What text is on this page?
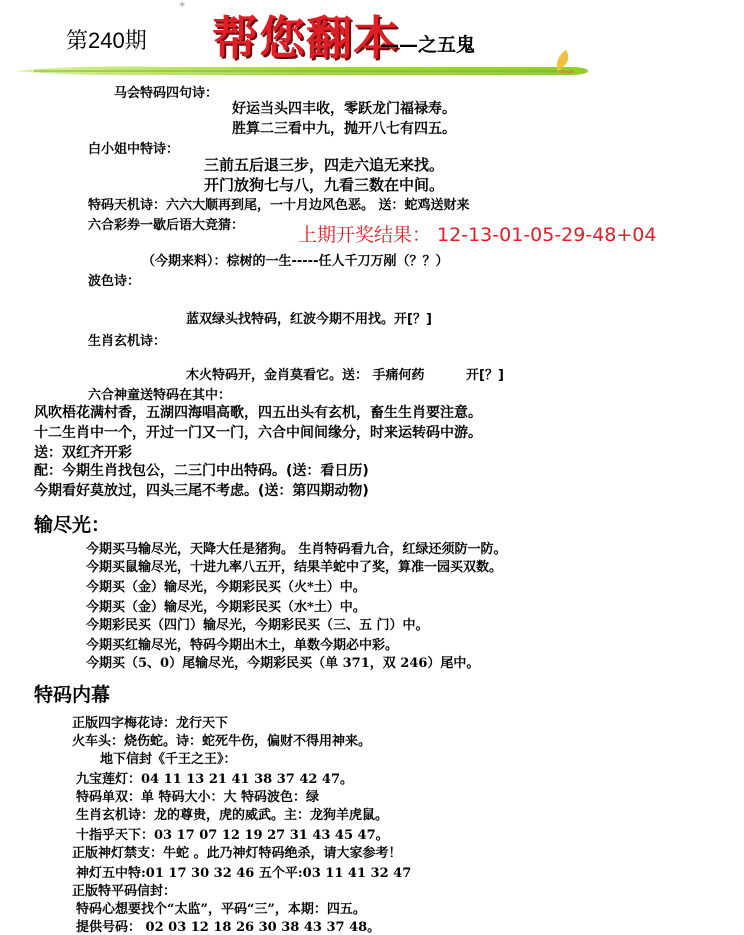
✶
第240期 帮您翻本
——之五鬼
马会特码四句诗：
好运当头四丰收，零跃龙门福禄寿。
胜算二三看中九，抛开八七有四五。
白小姐中特诗：
三前五后退三步，四走六追无来找。
开门放狗七与八，九看三数在中间。
特码天机诗：六六大顺再到尾，一十月边风色恶。 送：蛇鸡送财来
六合彩券一歇后语大竞猜：	上期开奖结果： 12-13-01-05-29-48+04
（今期来料）：棕树的一生-----任人千刀万剐（？？）
波色诗：
蓝双绿头找特码，红波今期不用找。开[？]
生肖玄机诗：
木火特码开，金肖莫看它。送： 手痛何药	开[？]
六合神童送特码在其中：
风吹梧花满村香，五湖四海唱高歌，四五出头有玄机，畜生生肖要注意。
十二生肖中一个，开过一门又一门，六合中间间缘分，时来运转码中游。
送：双红齐开彩
配：今期生肖找包公，二三门中出特码。(送：看日历)
今期看好莫放过，四头三尾不考虑。(送：第四期动物)
输尽光：
今期买马输尽光，天降大任是猪狗。 生肖特码看九合，红绿还须防一防。
今期买鼠输尽光，十进九率八五开，结果羊蛇中了奖，算准一园买双数。
今期买（金）输尽光，今期彩民买（火*土）中。
今期买（金）输尽光，今期彩民买（水*土）中。
今期彩民买（四门）输尽光，今期彩民买（三、五 门）中。
今期买红输尽光，特码今期出木土，单数今期必中彩。
今期买（5、0）尾输尽光，今期彩民买（单 371，双 246）尾中。
特码内幕
正版四字梅花诗：龙行天下
火车头：烧伤蛇。诗：蛇死牛伤，偏财不得用神来。
地下信封《千王之王》：
九宝莲灯：04 11 13 21 41 38 37 42 47。
特码单双：单 特码大小：大 特码波色：绿
生肖玄机诗：龙的尊贵，虎的威武。主：龙狗羊虎鼠。
十指乎天下：03 17 07 12 19 27 31 43 45 47。
正版神灯禁支：牛蛇 。此乃神灯特码绝杀，请大家参考！
神灯五中特:01 17 30 32 46 五个平:03 11 41 32 47
正版特平码信封：
特码心想要找个“太监”，平码“三”，本期：四五。
提供号码： 02 03 12 18 26 30 38 43 37 48。
